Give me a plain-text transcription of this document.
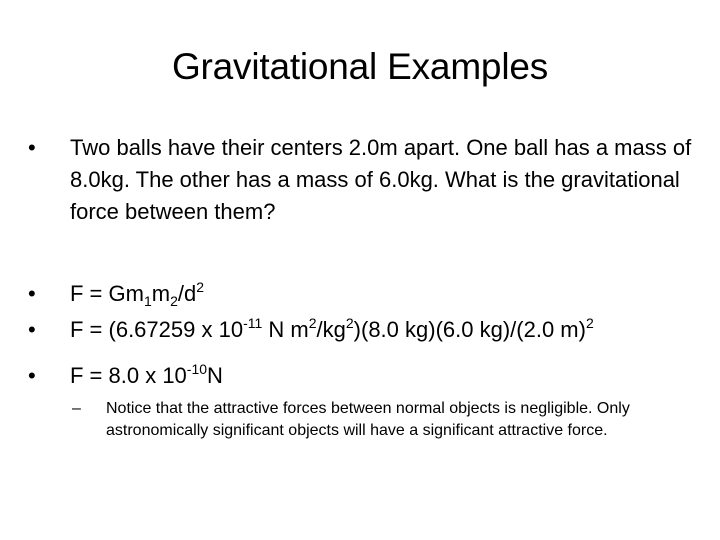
Gravitational Examples
•	Two balls have their centers 2.0m apart. One ball has a mass of 8.0kg. The other has a mass of 6.0kg. What is the gravitational force between them?
•	$F = Gm_1m_2/d^2$
•	F = (6.67259 x $10^{-11}$ N $m^2/kg^2)(8.0$ kg)(6.0 kg)/(2.0 m)$^2$
•	F = 8.0 x $10^{-10}N$
– Notice that the attractive forces between normal objects is negligible. Only astronomically significant objects will have a significant attractive force.
